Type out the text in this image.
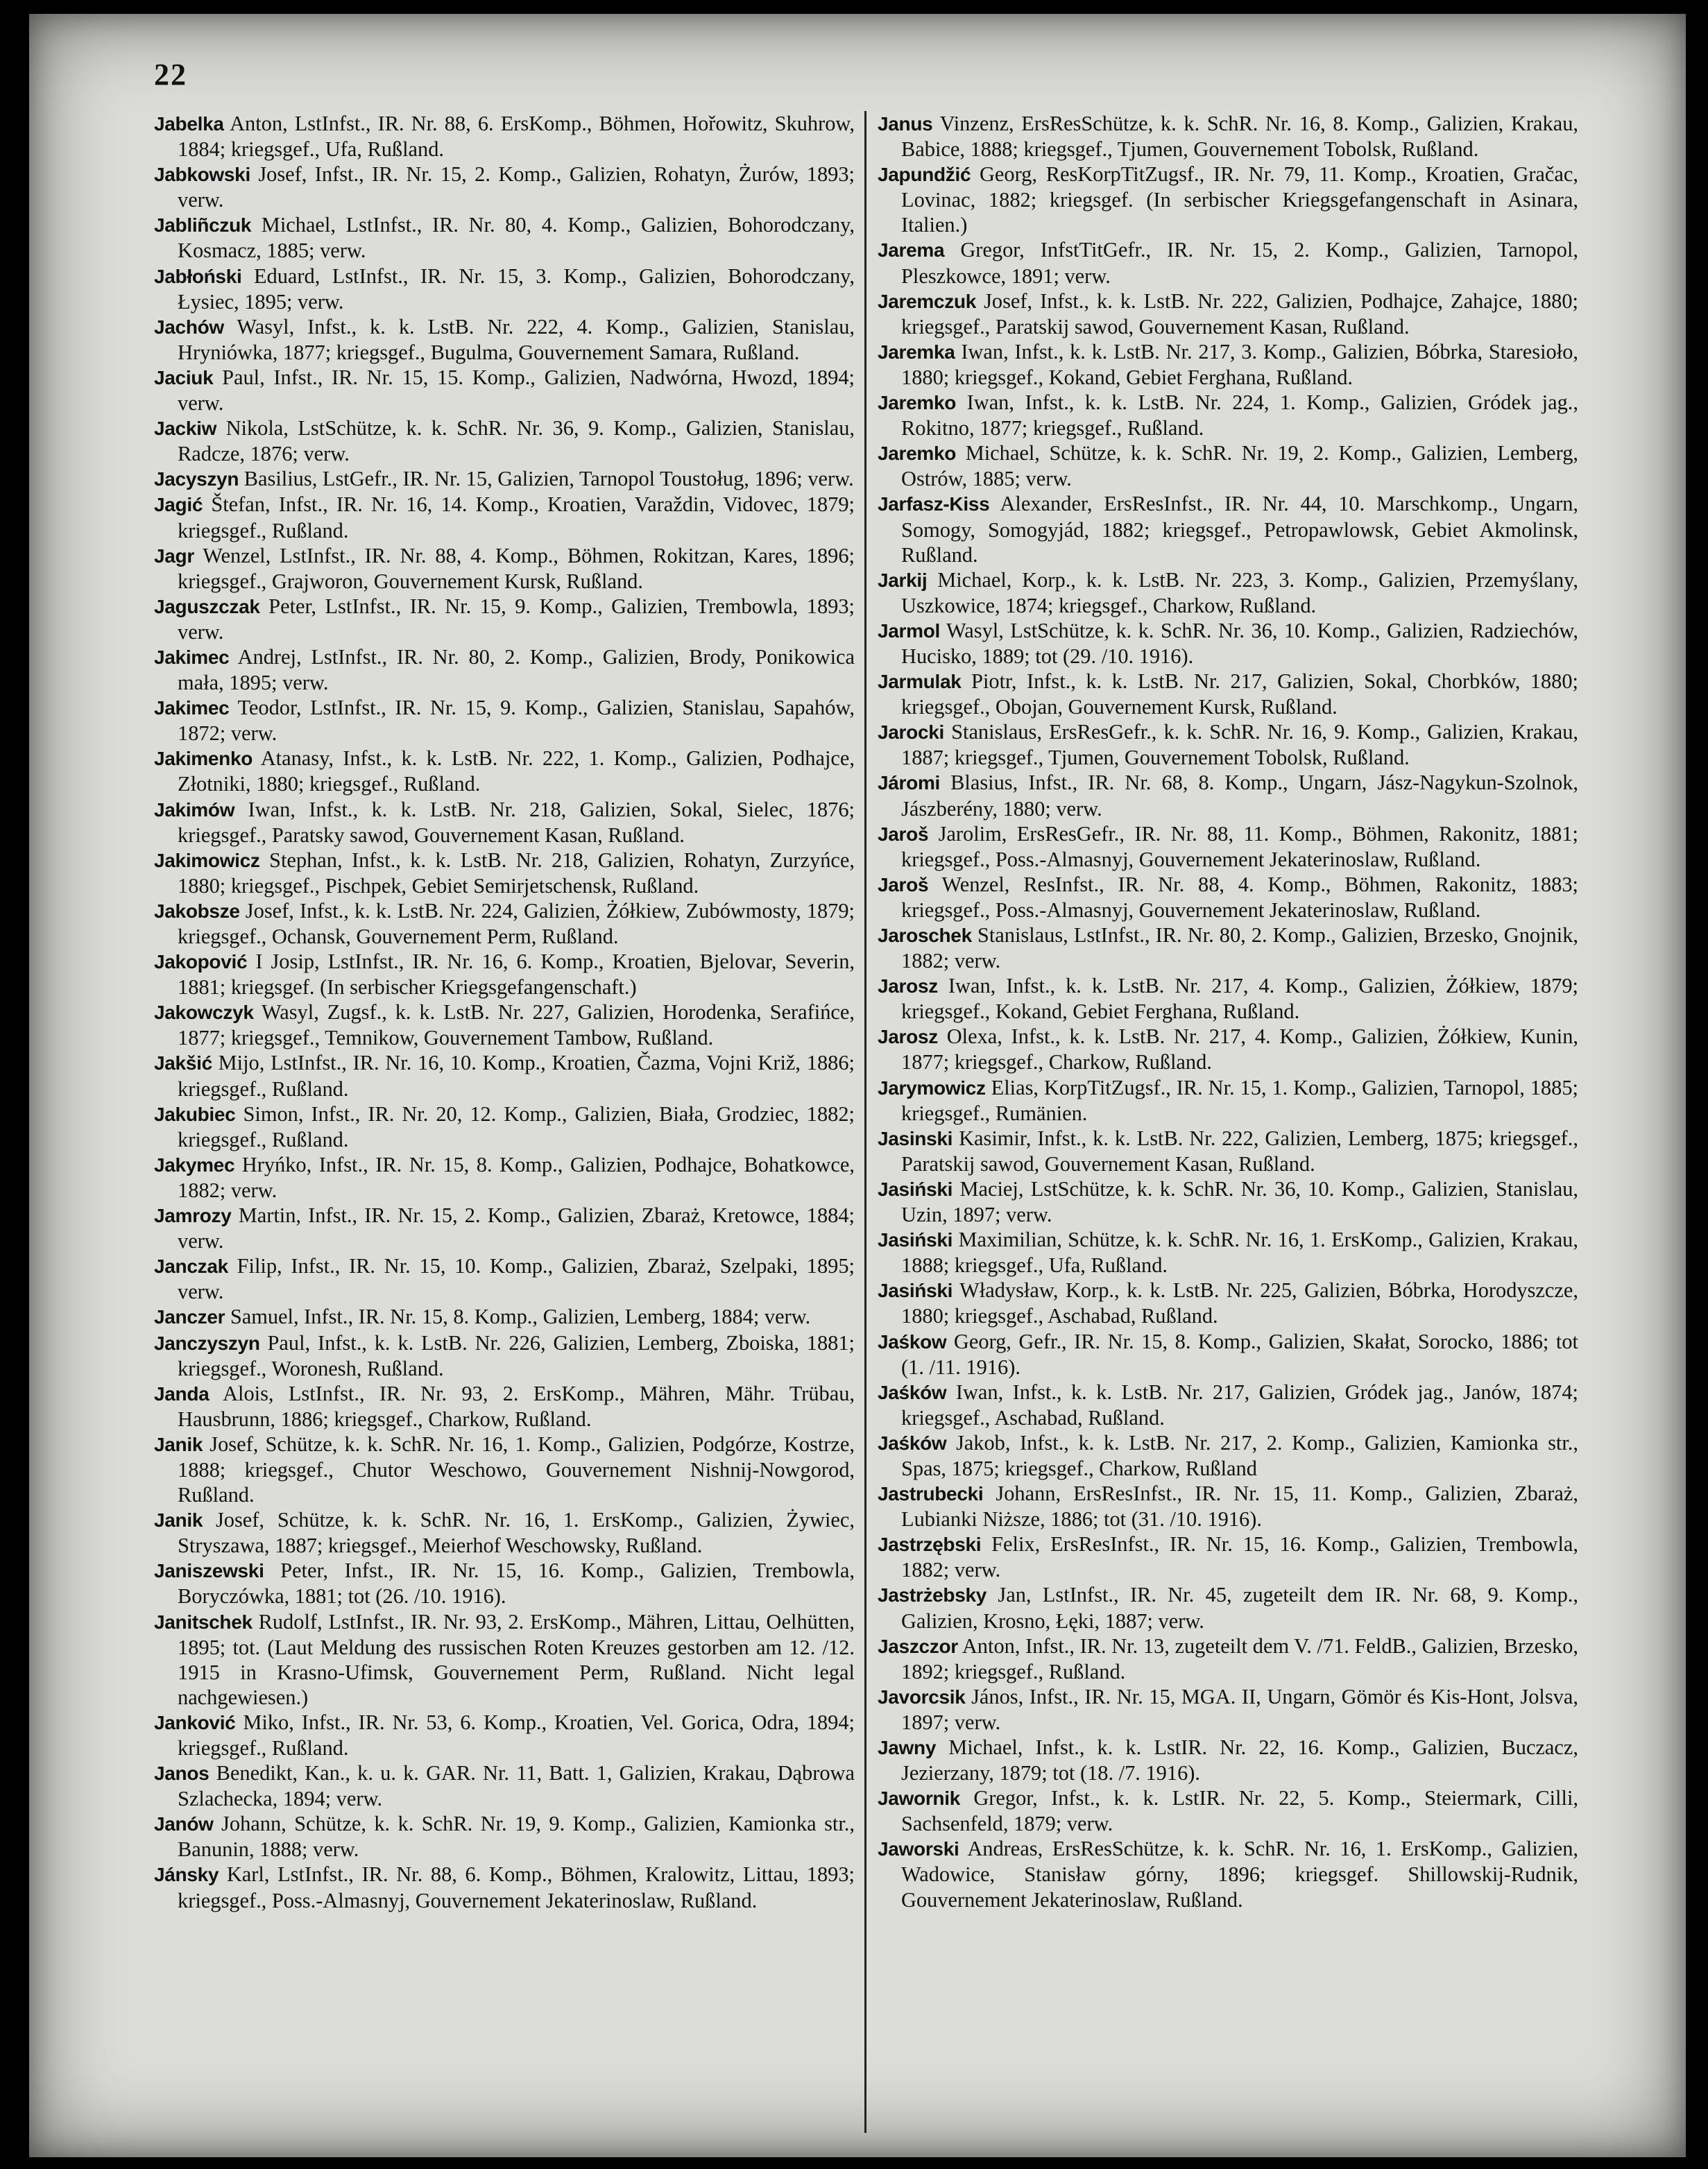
22

Jabelka Anton, LstInfst., IR. Nr. 88, 6. ErsKomp., Böhmen, Hořowitz, Skuhrow, 1884; kriegsgef., Ufa, Rußland.

Jabkowski Josef, Infst., IR. Nr. 15, 2. Komp., Galizien, Rohatyn, Żurów, 1893; verw.

Jabliñczuk Michael, LstInfst., IR. Nr. 80, 4. Komp., Galizien, Bohorodczany, Kosmacz, 1885; verw.

Jabłoński Eduard, LstInfst., IR. Nr. 15, 3. Komp., Galizien, Bohorodczany, Łysiec, 1895; verw.

Jachów Wasyl, Infst., k. k. LstB. Nr. 222, 4. Komp., Galizien, Stanislau, Hryniówka, 1877; kriegsgef., Bugulma, Gouvernement Samara, Rußland.

Jaciuk Paul, Infst., IR. Nr. 15, 15. Komp., Galizien, Nadwórna, Hwozd, 1894; verw.

Jackiw Nikola, LstSchütze, k. k. SchR. Nr. 36, 9. Komp., Galizien, Stanislau, Radcze, 1876; verw.

Jacyszyn Basilius, LstGefr., IR. Nr. 15, Galizien, Tarnopol Toustoług, 1896; verw.

Jagić Štefan, Infst., IR. Nr. 16, 14. Komp., Kroatien, Varaždin, Vidovec, 1879; kriegsgef., Rußland.

Jagr Wenzel, LstInfst., IR. Nr. 88, 4. Komp., Böhmen, Rokitzan, Kares, 1896; kriegsgef., Grajworon, Gouvernement Kursk, Rußland.

Jaguszczak Peter, LstInfst., IR. Nr. 15, 9. Komp., Galizien, Trembowla, 1893; verw.

Jakimec Andrej, LstInfst., IR. Nr. 80, 2. Komp., Galizien, Brody, Ponikowica mała, 1895; verw.

Jakimec Teodor, LstInfst., IR. Nr. 15, 9. Komp., Galizien, Stanislau, Sapahów, 1872; verw.

Jakimenko Atanasy, Infst., k. k. LstB. Nr. 222, 1. Komp., Galizien, Podhajce, Złotniki, 1880; kriegsgef., Rußland.

Jakimów Iwan, Infst., k. k. LstB. Nr. 218, Galizien, Sokal, Sielec, 1876; kriegsgef., Paratsky sawod, Gouvernement Kasan, Rußland.

Jakimowicz Stephan, Infst., k. k. LstB. Nr. 218, Galizien, Rohatyn, Zurzyńce, 1880; kriegsgef., Pischpek, Gebiet Semirjetschensk, Rußland.

Jakobsze Josef, Infst., k. k. LstB. Nr. 224, Galizien, Żółkiew, Zubówmosty, 1879; kriegsgef., Ochansk, Gouvernement Perm, Rußland.

Jakopović I Josip, LstInfst., IR. Nr. 16, 6. Komp., Kroatien, Bjelovar, Severin, 1881; kriegsgef. (In serbischer Kriegsgefangenschaft.)

Jakowczyk Wasyl, Zugsf., k. k. LstB. Nr. 227, Galizien, Horodenka, Serafińce, 1877; kriegsgef., Temnikow, Gouvernement Tambow, Rußland.

Jakšić Mijo, LstInfst., IR. Nr. 16, 10. Komp., Kroatien, Čazma, Vojni Križ, 1886; kriegsgef., Rußland.

Jakubiec Simon, Infst., IR. Nr. 20, 12. Komp., Galizien, Biała, Grodziec, 1882; kriegsgef., Rußland.

Jakymec Hryńko, Infst., IR. Nr. 15, 8. Komp., Galizien, Podhajce, Bohatkowce, 1882; verw.

Jamrozy Martin, Infst., IR. Nr. 15, 2. Komp., Galizien, Zbaraż, Kretowce, 1884; verw.

Janczak Filip, Infst., IR. Nr. 15, 10. Komp., Galizien, Zbaraż, Szelpaki, 1895; verw.

Janczer Samuel, Infst., IR. Nr. 15, 8. Komp., Galizien, Lemberg, 1884; verw.

Janczyszyn Paul, Infst., k. k. LstB. Nr. 226, Galizien, Lemberg, Zboiska, 1881; kriegsgef., Woronesh, Rußland.

Janda Alois, LstInfst., IR. Nr. 93, 2. ErsKomp., Mähren, Mähr. Trübau, Hausbrunn, 1886; kriegsgef., Charkow, Rußland.

Janik Josef, Schütze, k. k. SchR. Nr. 16, 1. Komp., Galizien, Podgórze, Kostrze, 1888; kriegsgef., Chutor Weschowo, Gouvernement Nishnij-Nowgorod, Rußland.

Janik Josef, Schütze, k. k. SchR. Nr. 16, 1. ErsKomp., Galizien, Żywiec, Stryszawa, 1887; kriegsgef., Meierhof Weschowsky, Rußland.

Janiszewski Peter, Infst., IR. Nr. 15, 16. Komp., Galizien, Trembowla, Boryczówka, 1881; tot (26. /10. 1916).

Janitschek Rudolf, LstInfst., IR. Nr. 93, 2. ErsKomp., Mähren, Littau, Oelhütten, 1895; tot. (Laut Meldung des russischen Roten Kreuzes gestorben am 12. /12. 1915 in Krasno-Ufimsk, Gouvernement Perm, Rußland. Nicht legal nachgewiesen.)

Janković Miko, Infst., IR. Nr. 53, 6. Komp., Kroatien, Vel. Gorica, Odra, 1894; kriegsgef., Rußland.

Janos Benedikt, Kan., k. u. k. GAR. Nr. 11, Batt. 1, Galizien, Krakau, Dąbrowa Szlachecka, 1894; verw.

Janów Johann, Schütze, k. k. SchR. Nr. 19, 9. Komp., Galizien, Kamionka str., Banunin, 1888; verw.

Jánsky Karl, LstInfst., IR. Nr. 88, 6. Komp., Böhmen, Kralowitz, Littau, 1893; kriegsgef., Poss.-Almasnyj, Gouvernement Jekaterinoslaw, Rußland.

Janus Vinzenz, ErsResSchütze, k. k. SchR. Nr. 16, 8. Komp., Galizien, Krakau, Babice, 1888; kriegsgef., Tjumen, Gouvernement Tobolsk, Rußland.

Japundžić Georg, ResKorpTitZugsf., IR. Nr. 79, 11. Komp., Kroatien, Gračac, Lovinac, 1882; kriegsgef. (In serbischer Kriegsgefangenschaft in Asinara, Italien.)

Jarema Gregor, InfstTitGefr., IR. Nr. 15, 2. Komp., Galizien, Tarnopol, Pleszkowce, 1891; verw.

Jaremczuk Josef, Infst., k. k. LstB. Nr. 222, Galizien, Podhajce, Zahajce, 1880; kriegsgef., Paratskij sawod, Gouvernement Kasan, Rußland.

Jaremka Iwan, Infst., k. k. LstB. Nr. 217, 3. Komp., Galizien, Bóbrka, Staresioło, 1880; kriegsgef., Kokand, Gebiet Ferghana, Rußland.

Jaremko Iwan, Infst., k. k. LstB. Nr. 224, 1. Komp., Galizien, Gródek jag., Rokitno, 1877; kriegsgef., Rußland.

Jaremko Michael, Schütze, k. k. SchR. Nr. 19, 2. Komp., Galizien, Lemberg, Ostrów, 1885; verw.

Jarfasz-Kiss Alexander, ErsResInfst., IR. Nr. 44, 10. Marschkomp., Ungarn, Somogy, Somogyjád, 1882; kriegsgef., Petropawlowsk, Gebiet Akmolinsk, Rußland.

Jarkij Michael, Korp., k. k. LstB. Nr. 223, 3. Komp., Galizien, Przemyślany, Uszkowice, 1874; kriegsgef., Charkow, Rußland.

Jarmol Wasyl, LstSchütze, k. k. SchR. Nr. 36, 10. Komp., Galizien, Radziechów, Hucisko, 1889; tot (29. /10. 1916).

Jarmulak Piotr, Infst., k. k. LstB. Nr. 217, Galizien, Sokal, Chorbków, 1880; kriegsgef., Obojan, Gouvernement Kursk, Rußland.

Jarocki Stanislaus, ErsResGefr., k. k. SchR. Nr. 16, 9. Komp., Galizien, Krakau, 1887; kriegsgef., Tjumen, Gouvernement Tobolsk, Rußland.

Járomi Blasius, Infst., IR. Nr. 68, 8. Komp., Ungarn, Jász-Nagykun-Szolnok, Jászberény, 1880; verw.

Jaroš Jarolim, ErsResGefr., IR. Nr. 88, 11. Komp., Böhmen, Rakonitz, 1881; kriegsgef., Poss.-Almasnyj, Gouvernement Jekaterinoslaw, Rußland.

Jaroš Wenzel, ResInfst., IR. Nr. 88, 4. Komp., Böhmen, Rakonitz, 1883; kriegsgef., Poss.-Almasnyj, Gouvernement Jekaterinoslaw, Rußland.

Jaroschek Stanislaus, LstInfst., IR. Nr. 80, 2. Komp., Galizien, Brzesko, Gnojnik, 1882; verw.

Jarosz Iwan, Infst., k. k. LstB. Nr. 217, 4. Komp., Galizien, Żółkiew, 1879; kriegsgef., Kokand, Gebiet Ferghana, Rußland.

Jarosz Olexa, Infst., k. k. LstB. Nr. 217, 4. Komp., Galizien, Żółkiew, Kunin, 1877; kriegsgef., Charkow, Rußland.

Jarymowicz Elias, KorpTitZugsf., IR. Nr. 15, 1. Komp., Galizien, Tarnopol, 1885; kriegsgef., Rumänien.

Jasinski Kasimir, Infst., k. k. LstB. Nr. 222, Galizien, Lemberg, 1875; kriegsgef., Paratskij sawod, Gouvernement Kasan, Rußland.

Jasiński Maciej, LstSchütze, k. k. SchR. Nr. 36, 10. Komp., Galizien, Stanislau, Uzin, 1897; verw.

Jasiński Maximilian, Schütze, k. k. SchR. Nr. 16, 1. ErsKomp., Galizien, Krakau, 1888; kriegsgef., Ufa, Rußland.

Jasiński Władysław, Korp., k. k. LstB. Nr. 225, Galizien, Bóbrka, Horodyszcze, 1880; kriegsgef., Aschabad, Rußland.

Jaśkow Georg, Gefr., IR. Nr. 15, 8. Komp., Galizien, Skałat, Sorocko, 1886; tot (1. /11. 1916).

Jaśków Iwan, Infst., k. k. LstB. Nr. 217, Galizien, Gródek jag., Janów, 1874; kriegsgef., Aschabad, Rußland.

Jaśków Jakob, Infst., k. k. LstB. Nr. 217, 2. Komp., Galizien, Kamionka str., Spas, 1875; kriegsgef., Charkow, Rußland

Jastrubecki Johann, ErsResInfst., IR. Nr. 15, 11. Komp., Galizien, Zbaraż, Lubianki Niższe, 1886; tot (31. /10. 1916).

Jastrzębski Felix, ErsResInfst., IR. Nr. 15, 16. Komp., Galizien, Trembowla, 1882; verw.

Jastrżebsky Jan, LstInfst., IR. Nr. 45, zugeteilt dem IR. Nr. 68, 9. Komp., Galizien, Krosno, Łęki, 1887; verw.

Jaszczor Anton, Infst., IR. Nr. 13, zugeteilt dem V. /71. FeldB., Galizien, Brzesko, 1892; kriegsgef., Rußland.

Javorcsik János, Infst., IR. Nr. 15, MGA. II, Ungarn, Gömör és Kis-Hont, Jolsva, 1897; verw.

Jawny Michael, Infst., k. k. LstIR. Nr. 22, 16. Komp., Galizien, Buczacz, Jezierzany, 1879; tot (18. /7. 1916).

Jawornik Gregor, Infst., k. k. LstIR. Nr. 22, 5. Komp., Steiermark, Cilli, Sachsenfeld, 1879; verw.

Jaworski Andreas, ErsResSchütze, k. k. SchR. Nr. 16, 1. ErsKomp., Galizien, Wadowice, Stanisław górny, 1896; kriegsgef. Shillowskij-Rudnik, Gouvernement Jekaterinoslaw, Rußland.
